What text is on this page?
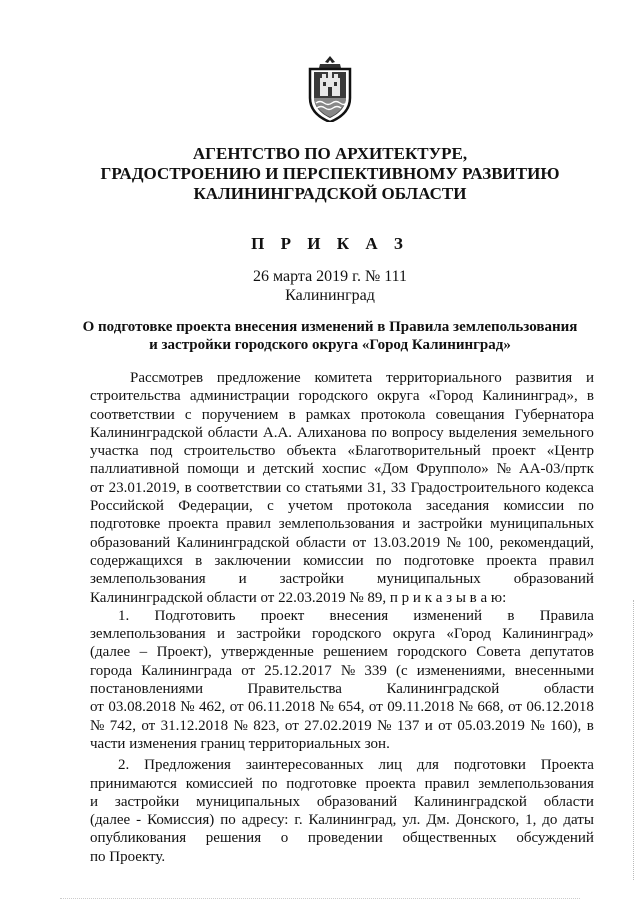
АГЕНТСТВО ПО АРХИТЕКТУРЕ,
ГРАДОСТРОЕНИЮ И ПЕРСПЕКТИВНОМУ РАЗВИТИЮ
КАЛИНИНГРАДСКОЙ ОБЛАСТИ
П Р И К А З
26 марта 2019 г. № 111
Калининград
О подготовке проекта внесения изменений в Правила землепользования
и застройки городского округа «Город Калининград»
Рассмотрев предложение комитета территориального развития и
строительства администрации городского округа «Город Калининград», в
соответствии с поручением в рамках протокола совещания Губернатора
Калининградской области А.А. Алиханова по вопросу выделения земельного
участка под строительство объекта «Благотворительный проект «Центр
паллиативной помощи и детский хоспис «Дом Фрупполо» № АА-03/пртк
от 23.01.2019, в соответствии со статьями 31, 33 Градостроительного кодекса
Российской Федерации, с учетом протокола заседания комиссии по
подготовке проекта правил землепользования и застройки муниципальных
образований Калининградской области от 13.03.2019 № 100, рекомендаций,
содержащихся в заключении комиссии по подготовке проекта правил
землепользования и застройки муниципальных образований
Калининградской области от 22.03.2019 № 89, п р и к а з ы в а ю:
1. Подготовить проект внесения изменений в Правила
землепользования и застройки городского округа «Город Калининград»
(далее – Проект), утвержденные решением городского Совета депутатов
города Калининграда от 25.12.2017 № 339 (с изменениями, внесенными
постановлениями	Правительства	Калининградской	области
от 03.08.2018 № 462, от 06.11.2018 № 654, от 09.11.2018 № 668, от 06.12.2018
№ 742, от 31.12.2018 № 823, от 27.02.2019 № 137 и от 05.03.2019 № 160), в
части изменения границ территориальных зон.
2. Предложения заинтересованных лиц для подготовки Проекта
принимаются комиссией по подготовке проекта правил землепользования
и застройки муниципальных образований Калининградской области
(далее - Комиссия) по адресу: г. Калининград, ул. Дм. Донского, 1, до даты
опубликования решения о проведении общественных обсуждений
по Проекту.
